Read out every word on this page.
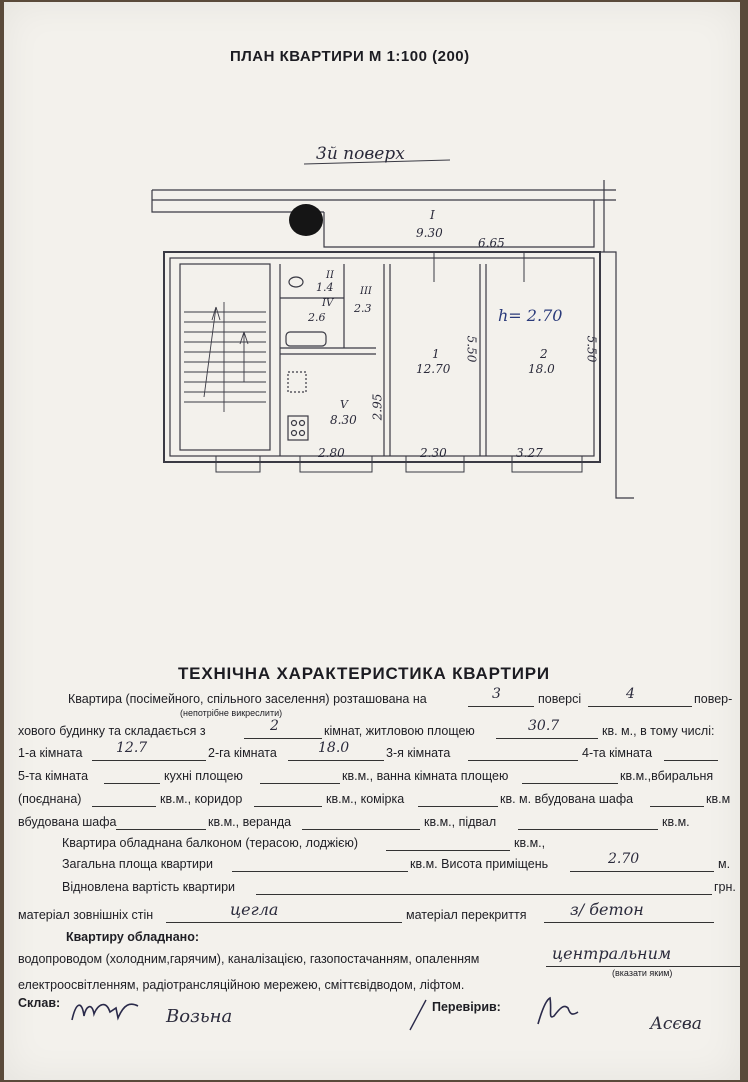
ПЛАН КВАРТИРИ М 1:100 (200)
3й поверх
h= 2.70
I
9.30
II
1.4	III
2.3
IV
2.6
V
8.30
1
12.70
2
18.0
6.65
5.50	5.50
2.95
2.80	2.30	3.27
ТЕХНІЧНА ХАРАКТЕРИСТИКА КВАРТИРИ
Квартира (посімейного, спільного заселення) розташована на	3	поверсі	4	повер-
(непотрібне викреслити)
хового будинку та складається з	2	кімнат, житловою площею	30.7	кв. м., в тому числі:
1-а кімната 12.7	2-га кімната	18.0	3-я кімната	4-та кімната
5-та кімната	кухні площею	кв.м., ванна кімната площею	кв.м.,вбиральня
(поєднана)	кв.м., коридор	кв.м., комірка	кв. м. вбудована шафа	кв.м
вбудована шафа	кв.м., веранда	кв.м., підвал	кв.м.
Квартира обладнана балконом (терасою, лоджією)	кв.м.,
Загальна площа квартири	кв.м. Висота приміщень	2.70	м.
Відновлена вартість квартири	грн.
матеріал зовнішніх стін	цегла	матеріал перекриття	з/ бетон
Квартиру обладнано:
водопроводом (холодним,гарячим), каналізацією, газопостачанням, опаленням	центральним
(вказати яким)
електроосвітленням, радіотрансляційною мережею, сміттєвідводом, ліфтом.
Склав:
Возьна	Перевірив:
Асєва
